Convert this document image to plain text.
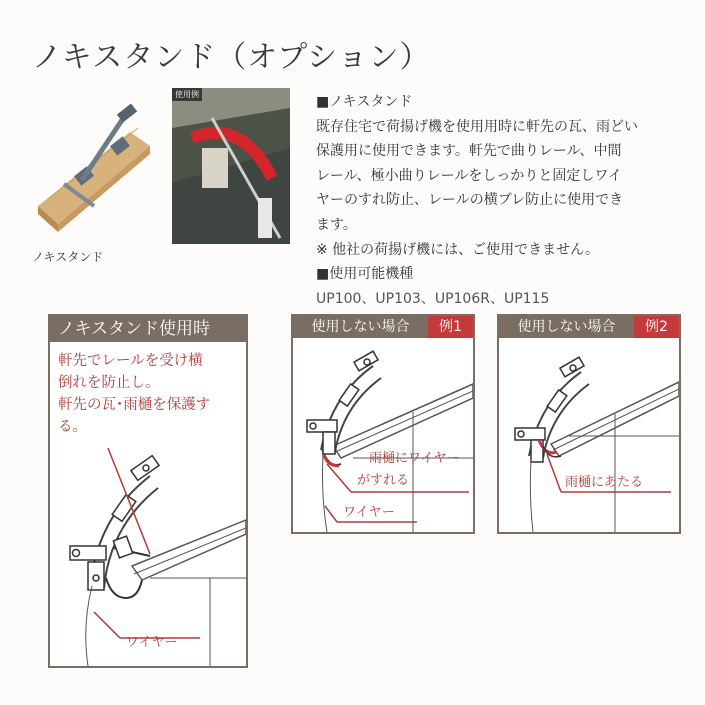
ノキスタンド（オプション）
ノキスタンド
使用例	■ノキスタンド

既存住宅で荷揚げ機を使用用時に軒先の瓦、雨どい

保護用に使用できます。軒先で曲りレール、中間

レール、極小曲りレールをしっかりと固定しワイ

ヤーのすれ防止、レールの横ブレ防止に使用でき

ます。

※ 他社の荷揚げ機には、ご使用できません。

■使用可能機種

UP100、UP103、UP106R、UP115

ノキスタンド使用時

軒先でレールを受け横

倒れを防止し。

軒先の瓦･雨樋を保護す

る。

ワイヤー
使用しない場合	例1
雨樋にワイヤー
がすれる
ワイヤー
使用しない場合	例2
雨樋にあたる
